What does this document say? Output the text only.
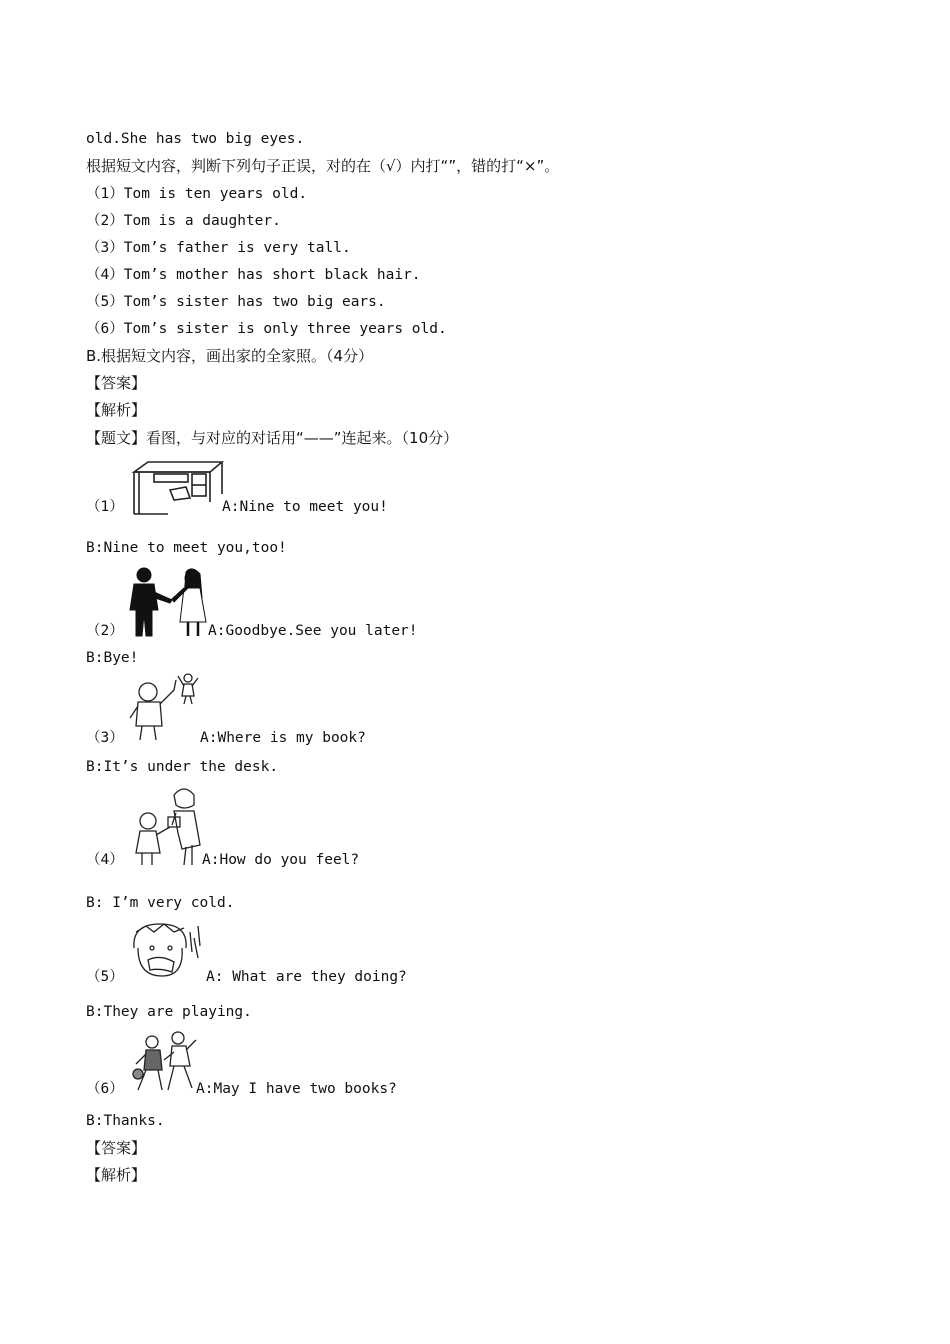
old.She has two big eyes.
根据短文内容，判断下列句子正误，对的在（√）内打“”，错的打“×”。
（1）Tom is ten years old.
（2）Tom is a daughter.
（3）Tom’s father is very tall.
（4）Tom’s mother has short black hair.
（5）Tom’s sister has two big ears.
（6）Tom’s sister is only three years old.
B.根据短文内容，画出家的全家照。（4分）
【答案】
【解析】
【题文】看图，与对应的对话用“——”连起来。（10分）
（1）	A:Nine to meet you!
B:Nine to meet you,too!
（2）	A:Goodbye.See you later!
B:Bye!
（3）	A:Where is my book?
B:It’s under the desk.
（4）	A:How do you feel?
B: I’m very cold.
（5）	A: What are they doing?
B:They are playing.
（6）	A:May I have two books?
B:Thanks.
【答案】
【解析】
